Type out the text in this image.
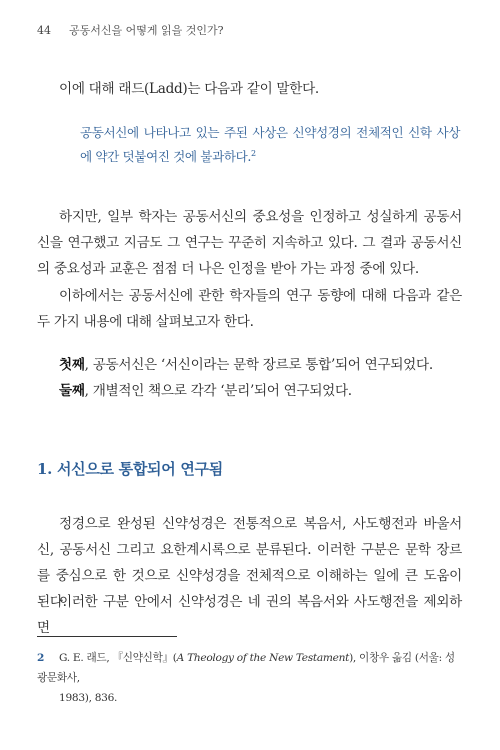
44 공동서신을 어떻게 읽을 것인가?
이에 대해 래드(Ladd)는 다음과 같이 말한다.
공동서신에 나타나고 있는 주된 사상은 신약성경의 전체적인 신학 사상에 약간 덧붙여진 것에 불과하다.$^2$
하지만, 일부 학자는 공동서신의 중요성을 인정하고 성실하게 공동서신을 연구했고 지금도 그 연구는 꾸준히 지속하고 있다. 그 결과 공동서신의 중요성과 교훈은 점점 더 나은 인정을 받아 가는 과정 중에 있다.
이하에서는 공동서신에 관한 학자들의 연구 동향에 대해 다음과 같은 두 가지 내용에 대해 살펴보고자 한다.
첫째, 공동서신은 ‘서신이라는 문학 장르로 통합’되어 연구되었다.
둘째, 개별적인 책으로 각각 ‘분리’되어 연구되었다.
1. 서신으로 통합되어 연구됨
정경으로 완성된 신약성경은 전통적으로 복음서, 사도행전과 바울서신, 공동서신 그리고 요한계시록으로 분류된다. 이러한 구분은 문학 장르를 중심으로 한 것으로 신약성경을 전체적으로 이해하는 일에 큰 도움이 된다.
이러한 구분 안에서 신약성경은 네 권의 복음서와 사도행전을 제외하면
2 G. E. 래드, 『신약신학』(A Theology of the New Testament), 이창우 옮김 (서울: 성광문화사,
1983), 836.
